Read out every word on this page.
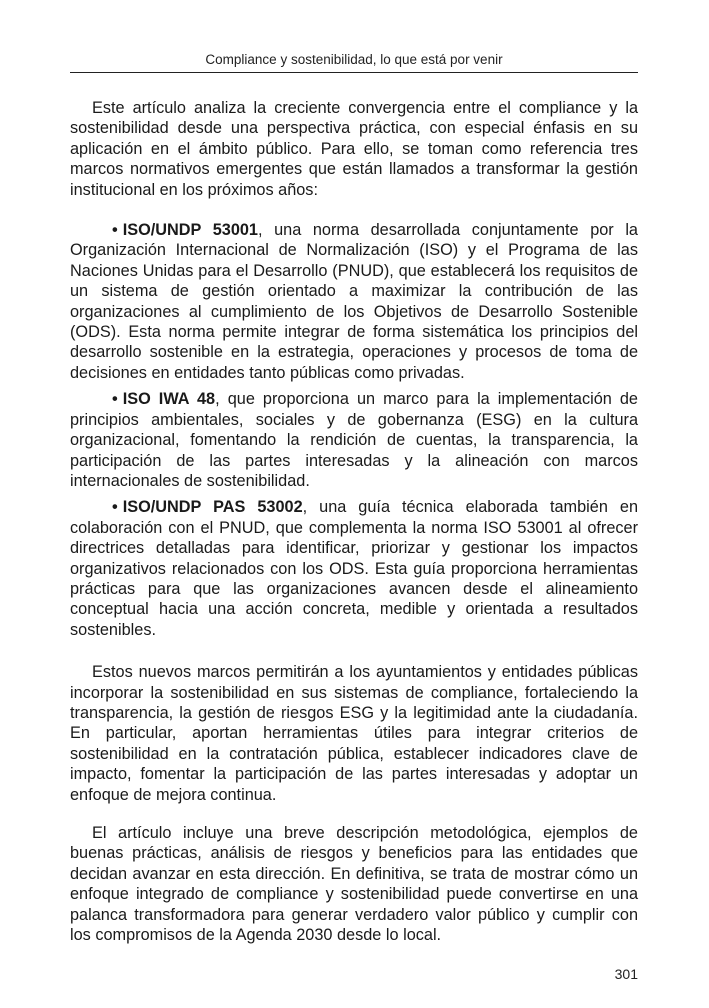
Compliance y sostenibilidad, lo que está por venir

Este artículo analiza la creciente convergencia entre el compliance y la sostenibilidad desde una perspectiva práctica, con especial énfasis en su aplicación en el ámbito público. Para ello, se toman como referencia tres marcos normativos emergentes que están llamados a transformar la gestión institucional en los próximos años:

• ISO/UNDP 53001, una norma desarrollada conjuntamente por la Organización Internacional de Normalización (ISO) y el Programa de las Naciones Unidas para el Desarrollo (PNUD), que establecerá los requisitos de un sistema de gestión orientado a maximizar la contribución de las organizaciones al cumplimiento de los Objetivos de Desarrollo Sostenible (ODS). Esta norma permite integrar de forma sistemática los principios del desarrollo sostenible en la estrategia, operaciones y procesos de toma de decisiones en entidades tanto públicas como privadas.
• ISO IWA 48, que proporciona un marco para la implementación de principios ambientales, sociales y de gobernanza (ESG) en la cultura organizacional, fomentando la rendición de cuentas, la transparencia, la participación de las partes interesadas y la alineación con marcos internacionales de sostenibilidad.
• ISO/UNDP PAS 53002, una guía técnica elaborada también en colaboración con el PNUD, que complementa la norma ISO 53001 al ofrecer directrices detalladas para identificar, priorizar y gestionar los impactos organizativos relacionados con los ODS. Esta guía proporciona herramientas prácticas para que las organizaciones avancen desde el alineamiento conceptual hacia una acción concreta, medible y orientada a resultados sostenibles.

Estos nuevos marcos permitirán a los ayuntamientos y entidades públicas incorporar la sostenibilidad en sus sistemas de compliance, fortaleciendo la transparencia, la gestión de riesgos ESG y la legitimidad ante la ciudadanía. En particular, aportan herramientas útiles para integrar criterios de sostenibilidad en la contratación pública, establecer indicadores clave de impacto, fomentar la participación de las partes interesadas y adoptar un enfoque de mejora continua.

El artículo incluye una breve descripción metodológica, ejemplos de buenas prácticas, análisis de riesgos y beneficios para las entidades que decidan avanzar en esta dirección. En definitiva, se trata de mostrar cómo un enfoque integrado de compliance y sostenibilidad puede convertirse en una palanca transformadora para generar verdadero valor público y cumplir con los compromisos de la Agenda 2030 desde lo local.

301
